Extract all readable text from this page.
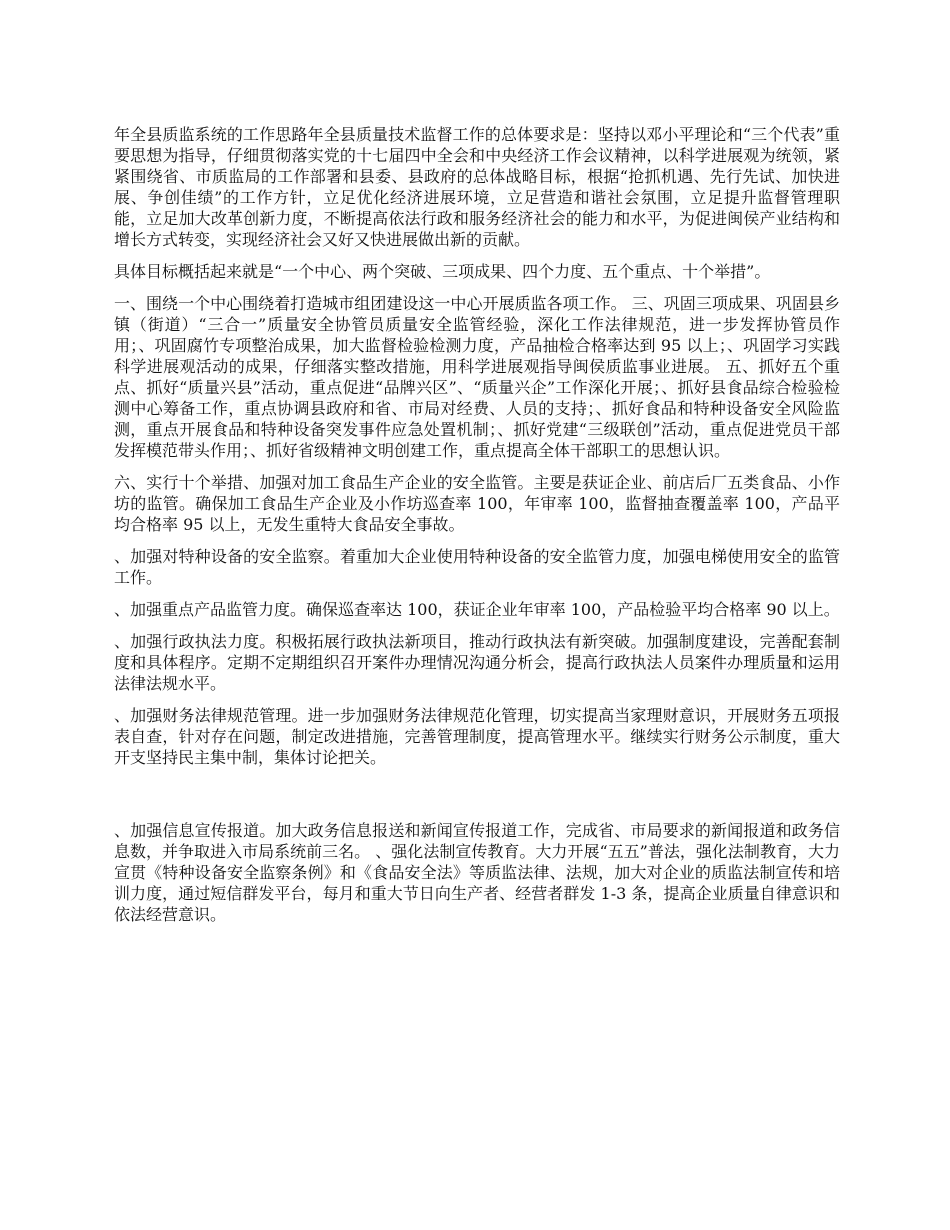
年全县质监系统的工作思路年全县质量技术监督工作的总体要求是：坚持以邓小平理论和“三个代表”重要思想为指导，仔细贯彻落实党的十七届四中全会和中央经济工作会议精神，以科学进展观为统领，紧紧围绕省、市质监局的工作部署和县委、县政府的总体战略目标，根据“抢抓机遇、先行先试、加快进展、争创佳绩”的工作方针，立足优化经济进展环境，立足营造和谐社会氛围，立足提升监督管理职能，立足加大改革创新力度，不断提高依法行政和服务经济社会的能力和水平，为促进闽侯产业结构和增长方式转变，实现经济社会又好又快进展做出新的贡献。

具体目标概括起来就是“一个中心、两个突破、三项成果、四个力度、五个重点、十个举措”。

一、围绕一个中心围绕着打造城市组团建设这一中心开展质监各项工作。 三、巩固三项成果、巩固县乡镇（街道）“三合一”质量安全协管员质量安全监管经验，深化工作法律规范，进一步发挥协管员作用；、巩固腐竹专项整治成果，加大监督检验检测力度，产品抽检合格率达到 95 以上；、巩固学习实践科学进展观活动的成果，仔细落实整改措施，用科学进展观指导闽侯质监事业进展。 五、抓好五个重点、抓好“质量兴县”活动，重点促进“品牌兴区”、“质量兴企”工作深化开展；、抓好县食品综合检验检测中心筹备工作，重点协调县政府和省、市局对经费、人员的支持；、抓好食品和特种设备安全风险监测，重点开展食品和特种设备突发事件应急处置机制；、抓好党建“三级联创”活动，重点促进党员干部发挥模范带头作用；、抓好省级精神文明创建工作，重点提高全体干部职工的思想认识。

六、实行十个举措、加强对加工食品生产企业的安全监管。主要是获证企业、前店后厂五类食品、小作坊的监管。确保加工食品生产企业及小作坊巡查率 100，年审率 100，监督抽查覆盖率 100，产品平均合格率 95 以上，无发生重特大食品安全事故。

、加强对特种设备的安全监察。着重加大企业使用特种设备的安全监管力度，加强电梯使用安全的监管工作。

、加强重点产品监管力度。确保巡查率达 100，获证企业年审率 100，产品检验平均合格率 90 以上。

、加强行政执法力度。积极拓展行政执法新项目，推动行政执法有新突破。加强制度建设，完善配套制度和具体程序。定期不定期组织召开案件办理情况沟通分析会，提高行政执法人员案件办理质量和运用法律法规水平。

、加强财务法律规范管理。进一步加强财务法律规范化管理，切实提高当家理财意识，开展财务五项报表自查，针对存在问题，制定改进措施，完善管理制度，提高管理水平。继续实行财务公示制度，重大开支坚持民主集中制，集体讨论把关。

、加强信息宣传报道。加大政务信息报送和新闻宣传报道工作，完成省、市局要求的新闻报道和政务信息数，并争取进入市局系统前三名。 、强化法制宣传教育。大力开展“五五”普法，强化法制教育，大力宣贯《特种设备安全监察条例》和《食品安全法》等质监法律、法规，加大对企业的质监法制宣传和培训力度，通过短信群发平台，每月和重大节日向生产者、经营者群发 1-3 条，提高企业质量自律意识和依法经营意识。
